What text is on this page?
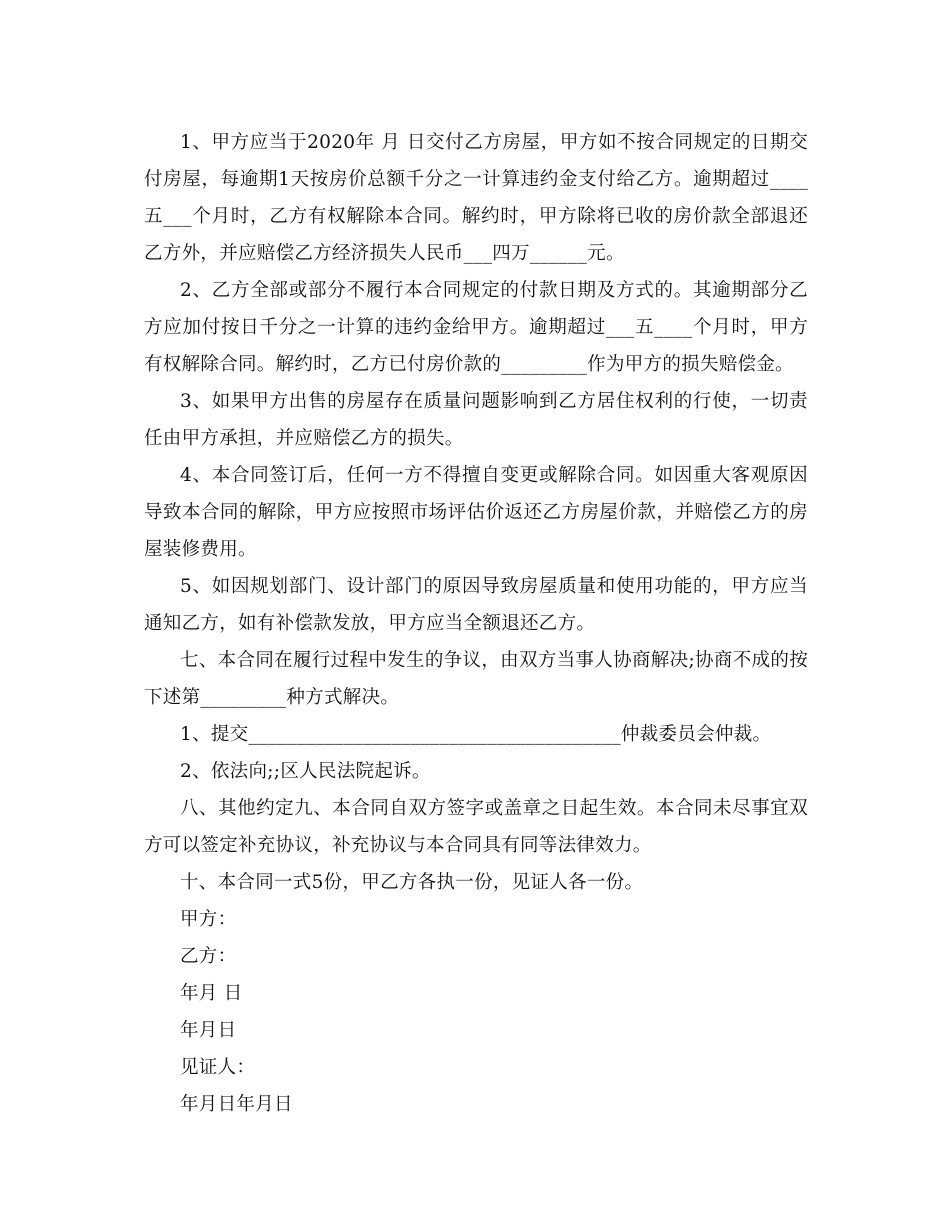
1、甲方应当于2020年 月 日交付乙方房屋，甲方如不按合同规定的日期交付房屋，每逾期1天按房价总额千分之一计算违约金支付给乙方。逾期超过____五___个月时，乙方有权解除本合同。解约时，甲方除将已收的房价款全部退还乙方外，并应赔偿乙方经济损失人民币___四万______元。

2、乙方全部或部分不履行本合同规定的付款日期及方式的。其逾期部分乙方应加付按日千分之一计算的违约金给甲方。逾期超过___五____个月时，甲方有权解除合同。解约时，乙方已付房价款的_________作为甲方的损失赔偿金。

3、如果甲方出售的房屋存在质量问题影响到乙方居住权利的行使，一切责任由甲方承担，并应赔偿乙方的损失。

4、本合同签订后，任何一方不得擅自变更或解除合同。如因重大客观原因导致本合同的解除，甲方应按照市场评估价返还乙方房屋价款，并赔偿乙方的房屋装修费用。

5、如因规划部门、设计部门的原因导致房屋质量和使用功能的，甲方应当通知乙方，如有补偿款发放，甲方应当全额退还乙方。

七、本合同在履行过程中发生的争议，由双方当事人协商解决;协商不成的按下述第_________种方式解决。

1、提交_______________________________________仲裁委员会仲裁。

2、依法向;;区人民法院起诉。

八、其他约定九、本合同自双方签字或盖章之日起生效。本合同未尽事宜双方可以签定补充协议，补充协议与本合同具有同等法律效力。

十、本合同一式5份，甲乙方各执一份，见证人各一份。

甲方：

乙方：

年月 日

年月日

见证人：

年月日年月日
